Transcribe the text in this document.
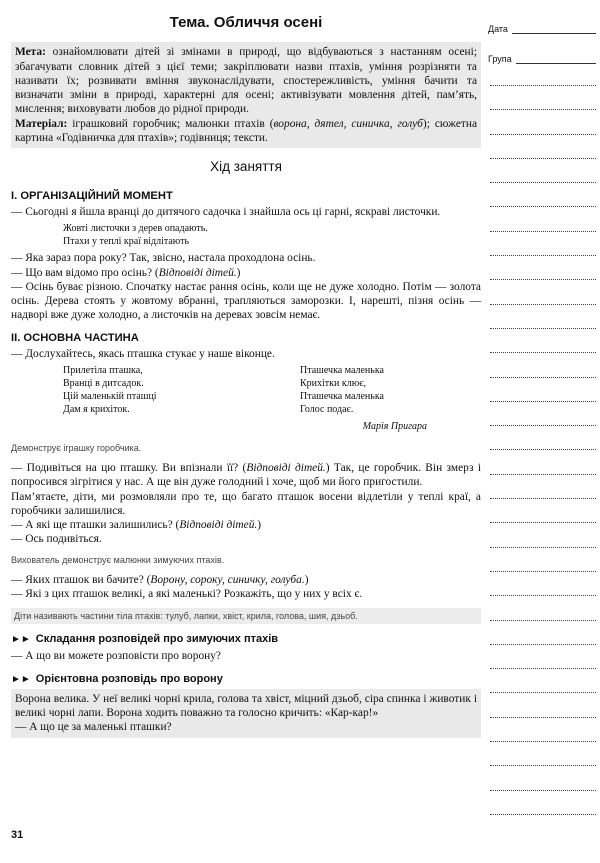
Дата
Група
Тема. Обличчя осені

Мета: ознайомлювати дітей зі змінами в природі, що відбуваються з настанням осені; збагачувати словник дітей з цієї теми; закріплювати назви птахів, уміння розрізняти та називати їх; розвивати вміння звуконаслідувати, спостережливість, уміння бачити та визначати зміни в природі, характерні для осені; активізувати мовлення дітей, пам’ять, мислення; виховувати любов до рідної природи.

Матеріал: іграшковий горобчик; малюнки птахів (ворона, дятел, синичка, голуб); сюжетна картина «Годівничка для птахів»; годівниця; тексти.

Хід заняття
I. ОРГАНІЗАЦІЙНИЙ МОМЕНТ

— Сьогодні я йшла вранці до дитячого садочка і знайшла ось ці гарні, яскраві листочки.

Жовті листочки з дерев опадають.
Птахи у теплі краї відлітають

— Яка зараз пора року? Так, звісно, настала проходлона осінь.

— Що вам відомо про осінь? (Відповіді дітей.)

— Осінь буває різною. Спочатку настає рання осінь, коли ще не дуже холодно. Потім — золота осінь. Дерева стоять у жовтому вбранні, трапляються заморозки. І, нарешті, пізня осінь — надворі вже дуже холодно, а листочків на деревах зовсім немає.

II. ОСНОВНА ЧАСТИНА

— Дослухайтесь, якась пташка стукає у наше віконце.

Прилетіла пташка,
Вранці в дитсадок.
Цій маленькій пташці
Дам я крихіток.
Пташечка маленька
Крихітки клює,
Пташечка маленька
Голос подає.
Марія Пригара
Демонструє іграшку горобчика.

— Подивіться на цю пташку. Ви впізнали її? (Відповіді дітей.) Так, це горобчик. Він змерз і попросився зігрітися у нас. А ще він дуже голодний і хоче, щоб ми його пригостили.

Пам’ятаєте, діти, ми розмовляли про те, що багато пташок восени відлетіли у теплі краї, а горобчики залишилися.

— А які ще пташки залишились? (Відповіді дітей.)

— Ось подивіться.

Вихователь демонструє малюнки зимуючих птахів.

— Яких пташок ви бачите? (Ворону, сороку, синичку, голуба.)

— Які з цих пташок великі, а які маленькі? Розкажіть, що у них у всіх є.

Діти називають частини тіла птахів: тулуб, лапки, хвіст, крила, голова, шия, дзьоб.
►► Складання розповідей про зимуючих птахів

— А що ви можете розповісти про ворону?

►► Орієнтовна розповідь про ворону

Ворона велика. У неї великі чорні крила, голова та хвіст, міцний дзьоб, сіра спинка і животик і великі чорні лапи. Ворона ходить поважно та голосно кричить: «Кар-кар!»

— А що це за маленькі пташки?

31
